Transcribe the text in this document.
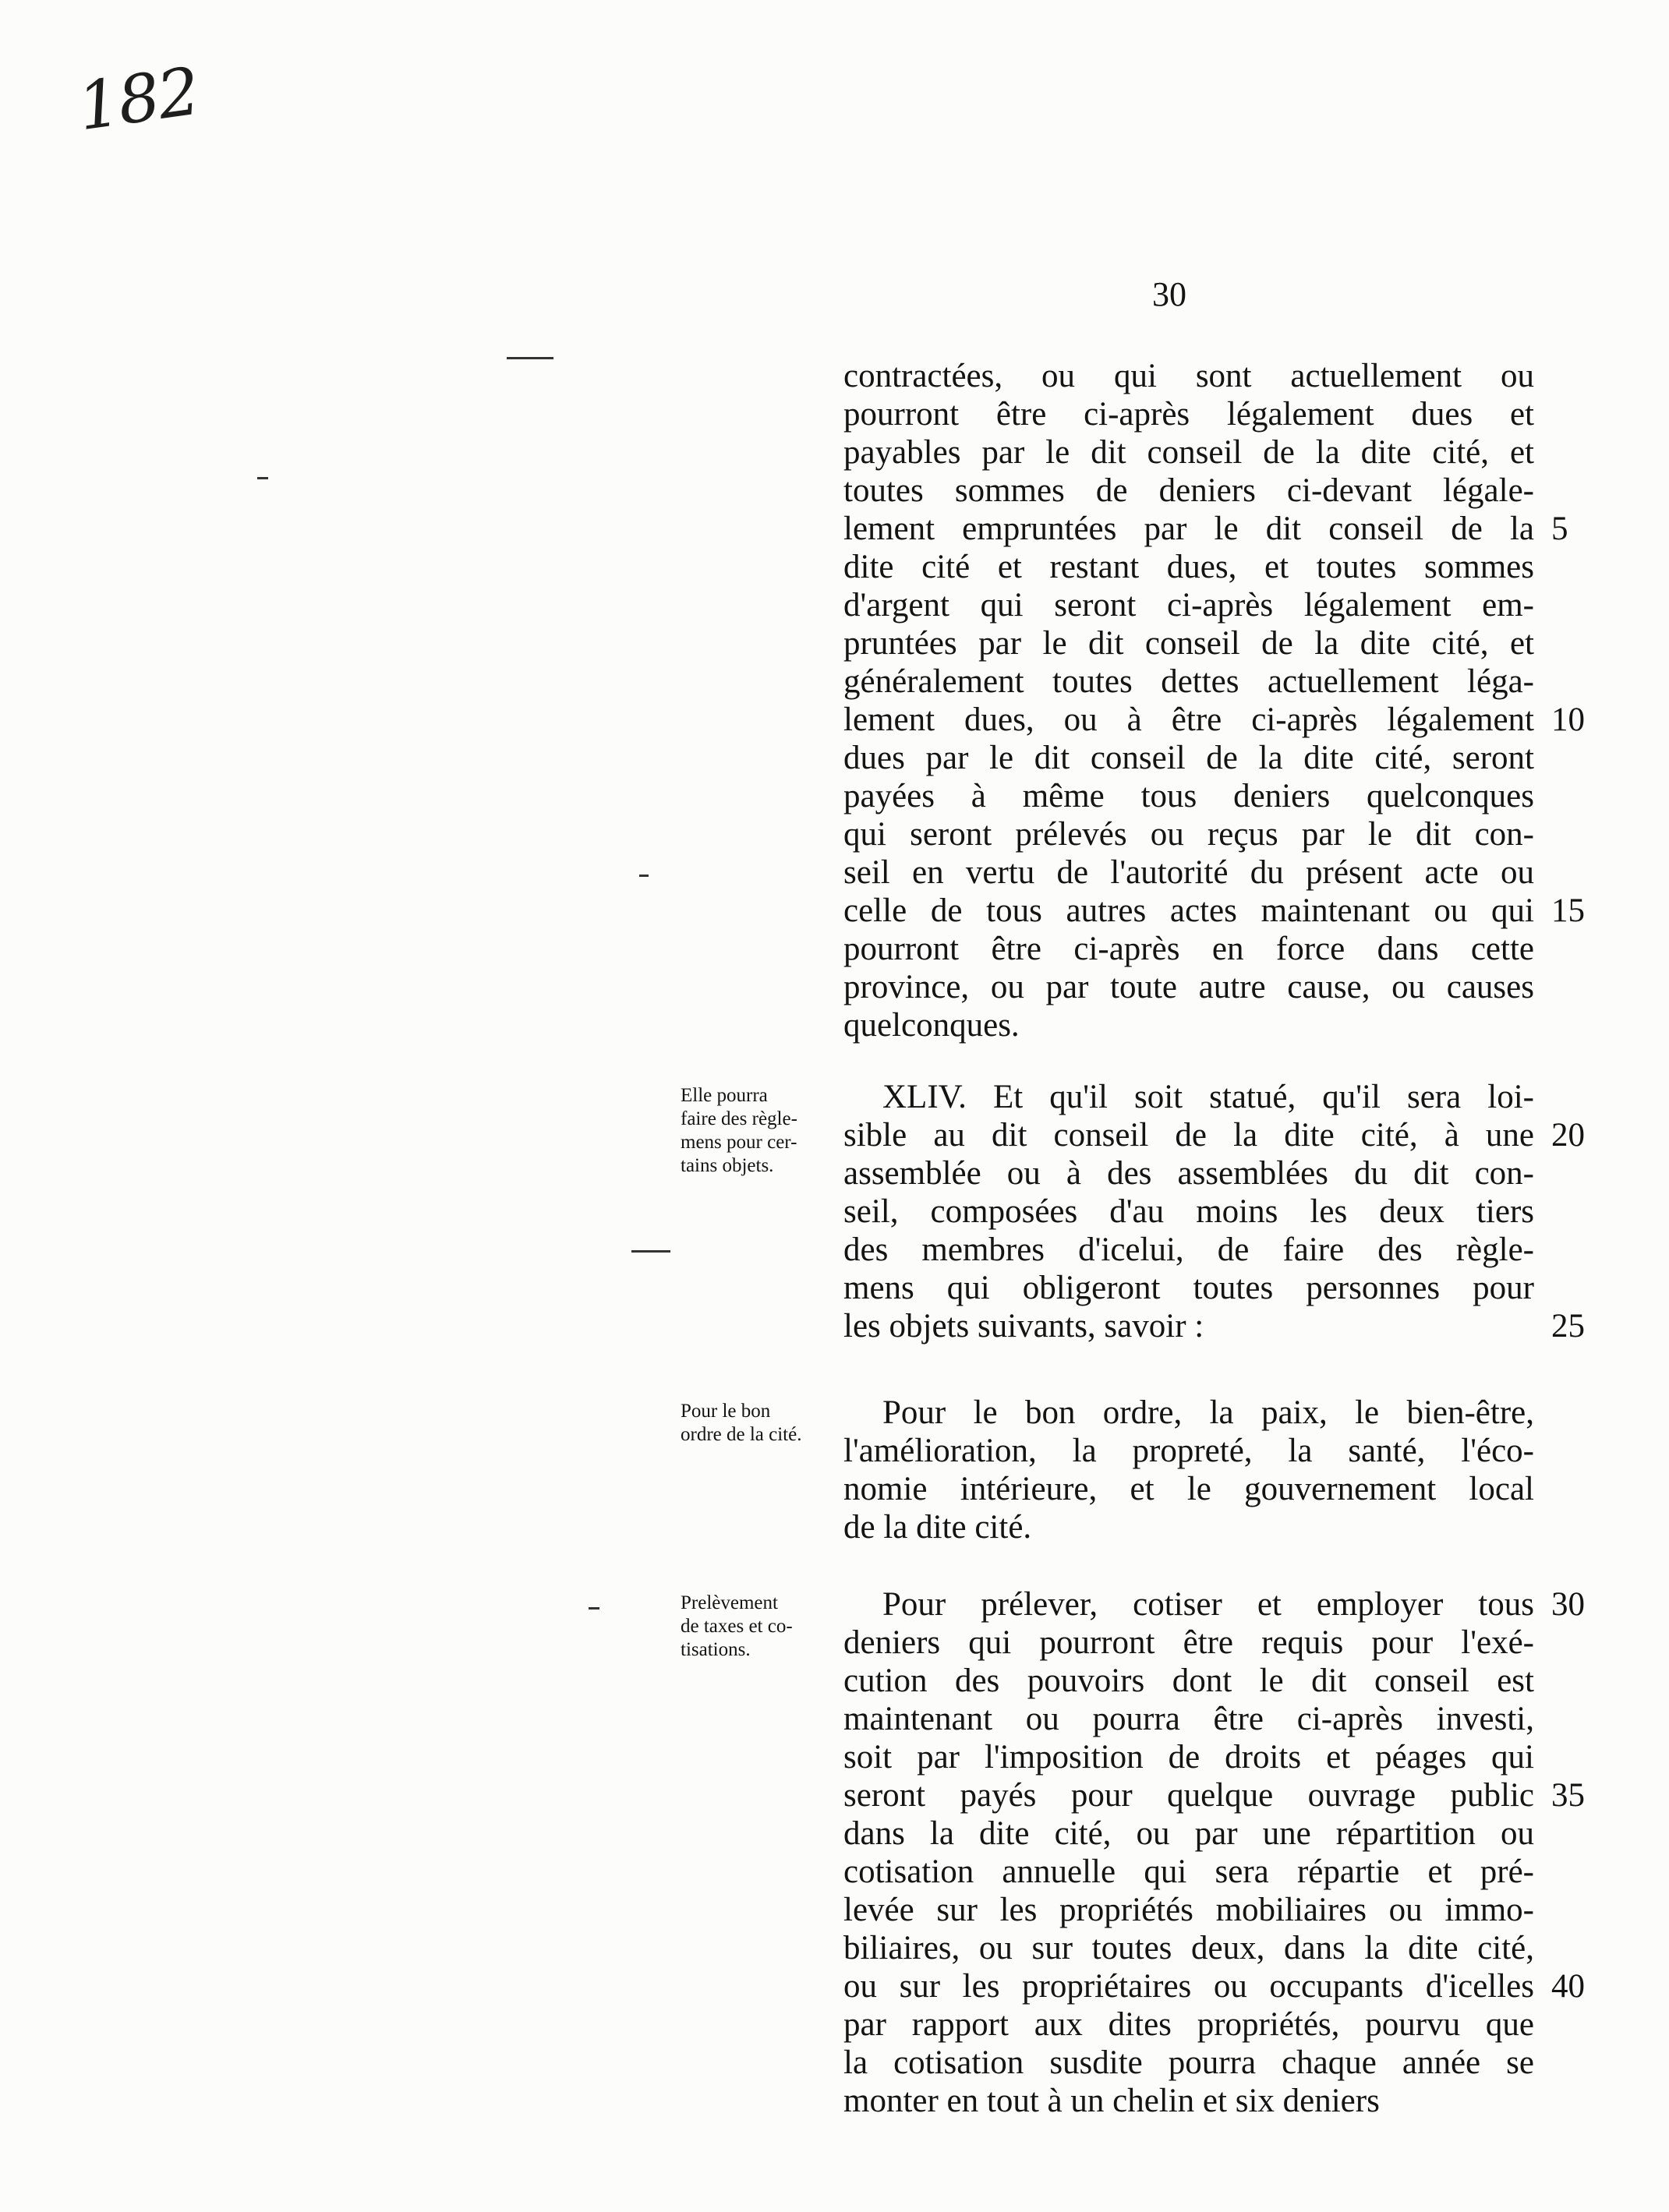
182
30
contractées, ou qui sont actuellement ou
pourront être ci-après légalement dues et
payables par le dit conseil de la dite cité, et
toutes sommes de deniers ci-devant légale-
lement empruntées par le dit conseil de la
dite cité et restant dues, et toutes sommes
d'argent qui seront ci-après légalement em-
pruntées par le dit conseil de la dite cité, et
généralement toutes dettes actuellement léga-
lement dues, ou à être ci-après légalement
dues par le dit conseil de la dite cité, seront
payées à même tous deniers quelconques
qui seront prélevés ou reçus par le dit con-
seil en vertu de l'autorité du présent acte ou
celle de tous autres actes maintenant ou qui
pourront être ci-après en force dans cette
province, ou par toute autre cause, ou causes
quelconques.
5
10
15
XLIV. Et qu'il soit statué, qu'il sera loi-
sible au dit conseil de la dite cité, à une
assemblée ou à des assemblées du dit con-
seil, composées d'au moins les deux tiers
des membres d'icelui, de faire des règle-
mens qui obligeront toutes personnes pour
les objets suivants, savoir :
20
25
Elle pourra
faire des règle-
mens pour cer-
tains objets.
Pour le bon ordre, la paix, le bien-être,
l'amélioration, la propreté, la santé, l'éco-
nomie intérieure, et le gouvernement local
de la dite cité.
Pour le bon
ordre de la cité.
Pour prélever, cotiser et employer tous
deniers qui pourront être requis pour l'exé-
cution des pouvoirs dont le dit conseil est
maintenant ou pourra être ci-après investi,
soit par l'imposition de droits et péages qui
seront payés pour quelque ouvrage public
dans la dite cité, ou par une répartition ou
cotisation annuelle qui sera répartie et pré-
levée sur les propriétés mobiliaires ou immo-
biliaires, ou sur toutes deux, dans la dite cité,
ou sur les propriétaires ou occupants d'icelles
par rapport aux dites propriétés, pourvu que
la cotisation susdite pourra chaque année se
monter en tout à un chelin et six deniers
30
35
40
Prelèvement
de taxes et co-
tisations.
